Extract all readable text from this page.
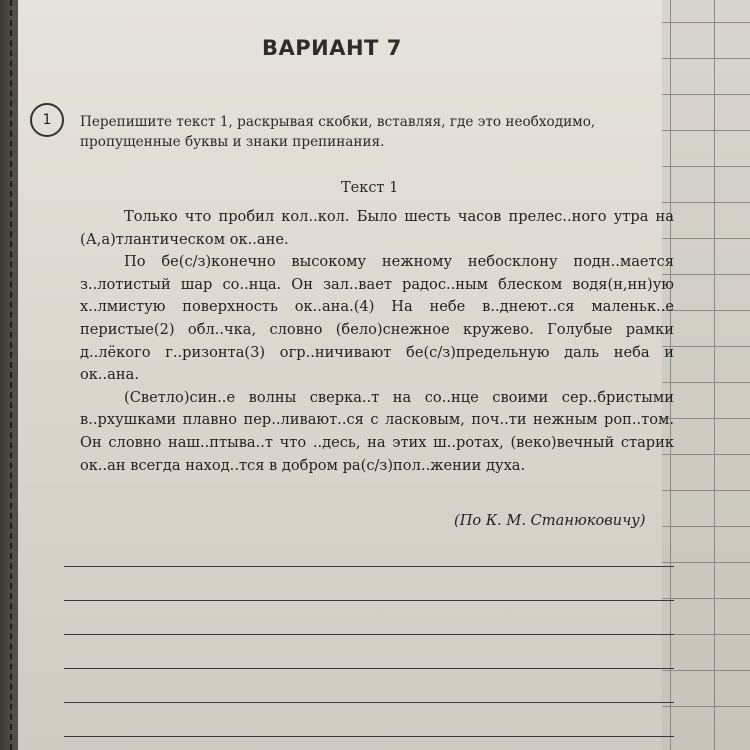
ВАРИАНТ 7
1	Перепишите текст 1, раскрывая скобки, вставляя, где это необходимо, пропущенные буквы и знаки препинания.
Текст 1

Только что пробил кол..кол. Было шесть часов прелес..ного утра на (А,а)тлантическом ок..ане.

По бе(с/з)конечно высокому нежному небосклону подн..мается з..лотистый шар со..нца. Он зал..вает радос..ным блеском водя(н,нн)ую х..лмистую поверхность ок..ана.(4) На небе в..днеют..ся маленьк..е перистые(2) обл..чка, словно (бело)снежное кружево. Голубые рамки д..лёкого г..ризонта(3) огр..ничивают бе(с/з)предельную даль неба и ок..ана.

(Светло)син..е волны сверка..т на со..нце своими сер..бристыми в..рхушками плавно пер..ливают..ся с ласковым, поч..ти нежным роп..том. Он словно наш..птыва..т что ..десь, на этих ш..ротах, (веко)вечный старик ок..ан всегда наход..тся в добром ра(с/з)пол..жении духа.

(По К. М. Станюковичу)
